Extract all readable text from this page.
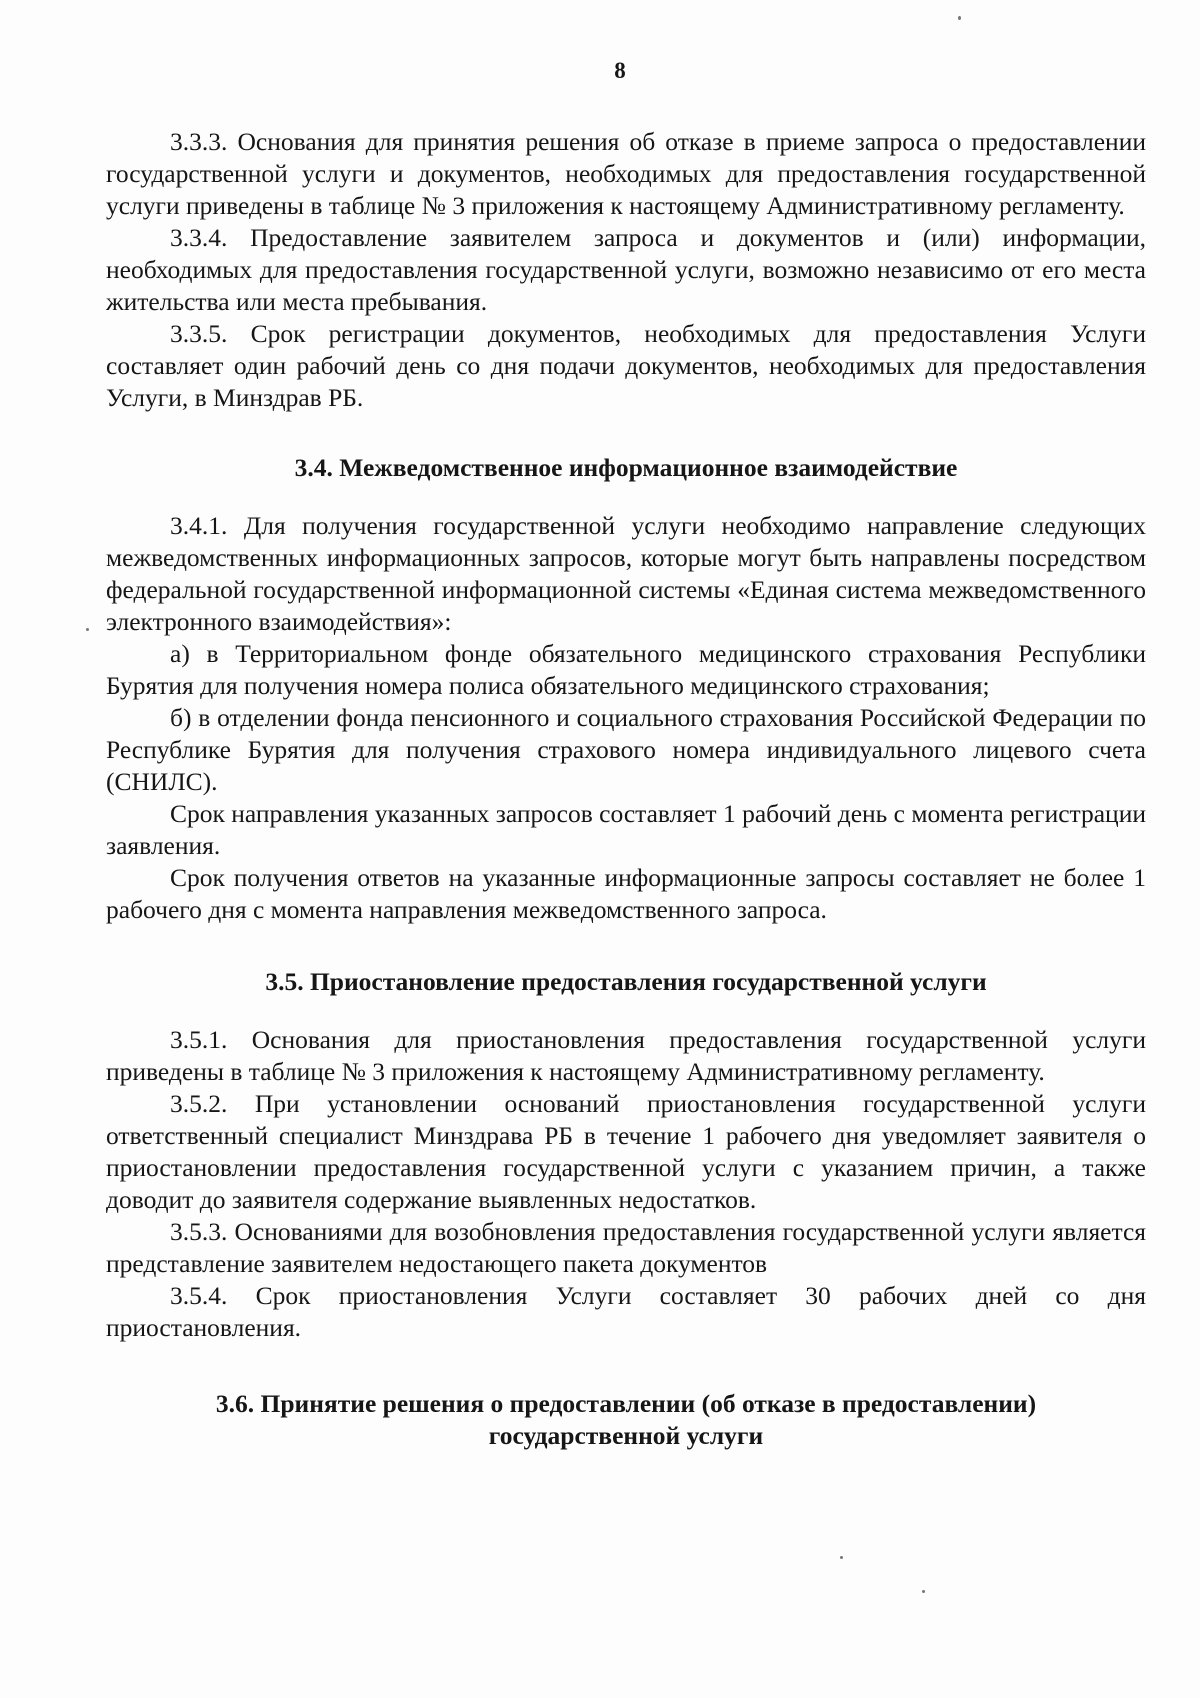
8

3.3.3. Основания для принятия решения об отказе в приеме запроса о предоставлении государственной услуги и документов, необходимых для предоставления государственной услуги приведены в таблице № 3 приложения к настоящему Административному регламенту.

3.3.4. Предоставление заявителем запроса и документов и (или) информации, необходимых для предоставления государственной услуги, возможно независимо от его места жительства или места пребывания.

3.3.5. Срок регистрации документов, необходимых для предоставления Услуги составляет один рабочий день со дня подачи документов, необходимых для предоставления Услуги, в Минздрав РБ.

3.4. Межведомственное информационное взаимодействие

3.4.1. Для получения государственной услуги необходимо направление следующих межведомственных информационных запросов, которые могут быть направлены посредством федеральной государственной информационной системы «Единая система межведомственного электронного взаимодействия»:

а) в Территориальном фонде обязательного медицинского страхования Республики Бурятия для получения номера полиса обязательного медицинского страхования;

б) в отделении фонда пенсионного и социального страхования Российской Федерации по Республике Бурятия для получения страхового номера индивидуального лицевого счета (СНИЛС).

Срок направления указанных запросов составляет 1 рабочий день с момента регистрации заявления.

Срок получения ответов на указанные информационные запросы составляет не более 1 рабочего дня с момента направления межведомственного запроса.

3.5. Приостановление предоставления государственной услуги

3.5.1. Основания для приостановления предоставления государственной услуги приведены в таблице № 3 приложения к настоящему Административному регламенту.

3.5.2. При установлении оснований приостановления государственной услуги ответственный специалист Минздрава РБ в течение 1 рабочего дня уведомляет заявителя о приостановлении предоставления государственной услуги с указанием причин, а также доводит до заявителя содержание выявленных недостатков.

3.5.3. Основаниями для возобновления предоставления государственной услуги является представление заявителем недостающего пакета документов

3.5.4. Срок приостановления Услуги составляет 30 рабочих дней со дня приостановления.

3.6. Принятие решения о предоставлении (об отказе в предоставлении)
государственной услуги
